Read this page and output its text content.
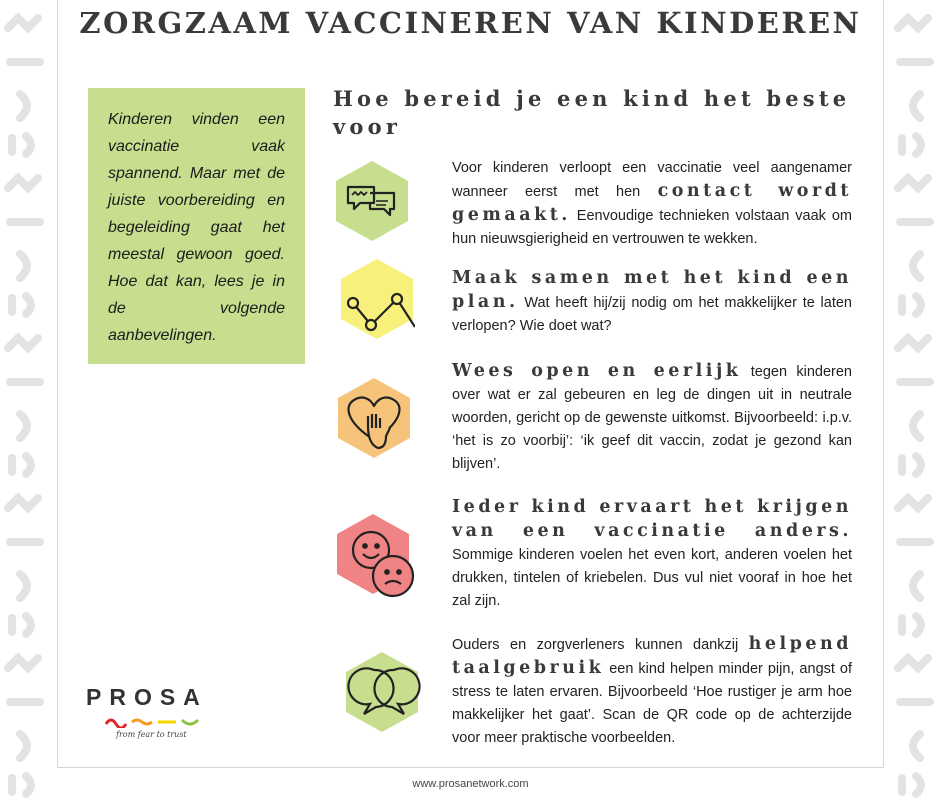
ZORGZAAM VACCINEREN VAN KINDEREN
Kinderen vinden een vaccinatie vaak spannend. Maar met de juiste voorbereiding en begeleiding gaat het meestal gewoon goed. Hoe dat kan, lees je in de volgende aanbevelingen.
Hoe bereid je een kind het beste voor
Voor kinderen verloopt een vaccinatie veel aangenamer wanneer eerst met hen contact wordt gemaakt. Eenvoudige technieken volstaan vaak om hun nieuwsgierigheid en vertrouwen te wekken.
Maak samen met het kind een plan. Wat heeft hij/zij nodig om het makkelijker te laten verlopen? Wie doet wat?
Wees open en eerlijk tegen kinderen over wat er zal gebeuren en leg de dingen uit in neutrale woorden, gericht op de gewenste uitkomst. Bijvoorbeeld: i.p.v. ‘het is zo voorbij’: ‘ik geef dit vaccin, zodat je gezond kan blijven’.
Ieder kind ervaart het krijgen van een vaccinatie anders. Sommige kinderen voelen het even kort, anderen voelen het drukken, tintelen of kriebelen. Dus vul niet vooraf in hoe het zal zijn.
Ouders en zorgverleners kunnen dankzij helpend taalgebruik een kind helpen minder pijn, angst of stress te laten ervaren. Bijvoorbeeld ‘Hoe rustiger je arm hoe makkelijker het gaat’. Scan de QR code op de achterzijde voor meer praktische voorbeelden.
PROSA
from fear to trust
www.prosanetwork.com
